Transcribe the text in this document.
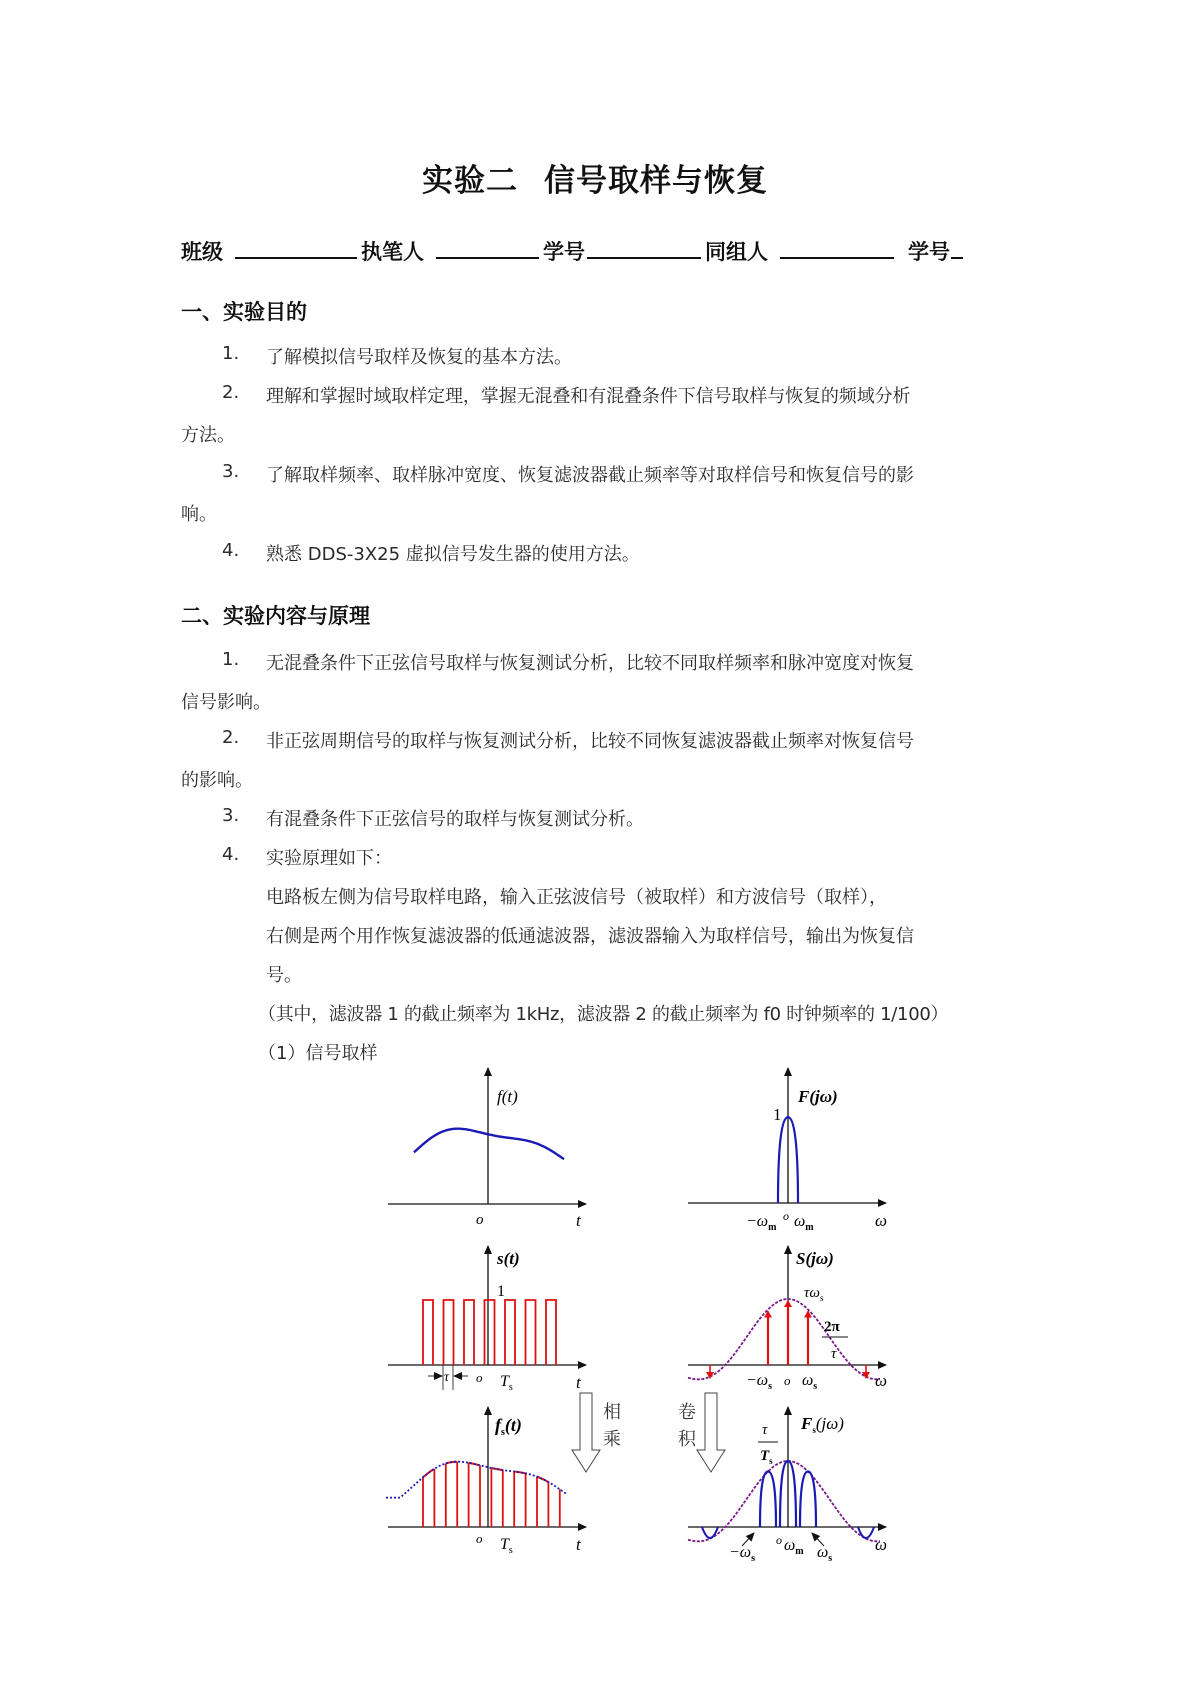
实验二 信号取样与恢复
班级	执笔人	学号	同组人	学号
一、实验目的
1. 了解模拟信号取样及恢复的基本方法。
2. 理解和掌握时域取样定理，掌握无混叠和有混叠条件下信号取样与恢复的频域分析
方法。
3. 了解取样频率、取样脉冲宽度、恢复滤波器截止频率等对取样信号和恢复信号的影
响。
4. 熟悉 DDS-3X25 虚拟信号发生器的使用方法。
二、实验内容与原理
1. 无混叠条件下正弦信号取样与恢复测试分析，比较不同取样频率和脉冲宽度对恢复
信号影响。
2. 非正弦周期信号的取样与恢复测试分析，比较不同恢复滤波器截止频率对恢复信号
的影响。
3. 有混叠条件下正弦信号的取样与恢复测试分析。
4. 实验原理如下：
电路板左侧为信号取样电路，输入正弦波信号（被取样）和方波信号（取样），
右侧是两个用作恢复滤波器的低通滤波器，滤波器输入为取样信号，输出为恢复信
号。
（其中，滤波器 1 的截止频率为 1kHz，滤波器 2 的截止频率为 f0 时钟频率的 1/100）
（1）信号取样
f(t)
o	t
1
F(jω)
$-\omega_m$
o $\omega_m$	ω
s(t)
1
τ o $T_s$	t
S(jω)
$\tau\omega_s$
2π
τ
$-\omega_s$ o $\omega_s$	ω
相
乘
卷
积
$f_s(t)$
o $T_s$	t
$F_s(j\omega)$
τ
$T_s$
$-\omega_s$
o $\omega_m$ $\omega_s$
ω
